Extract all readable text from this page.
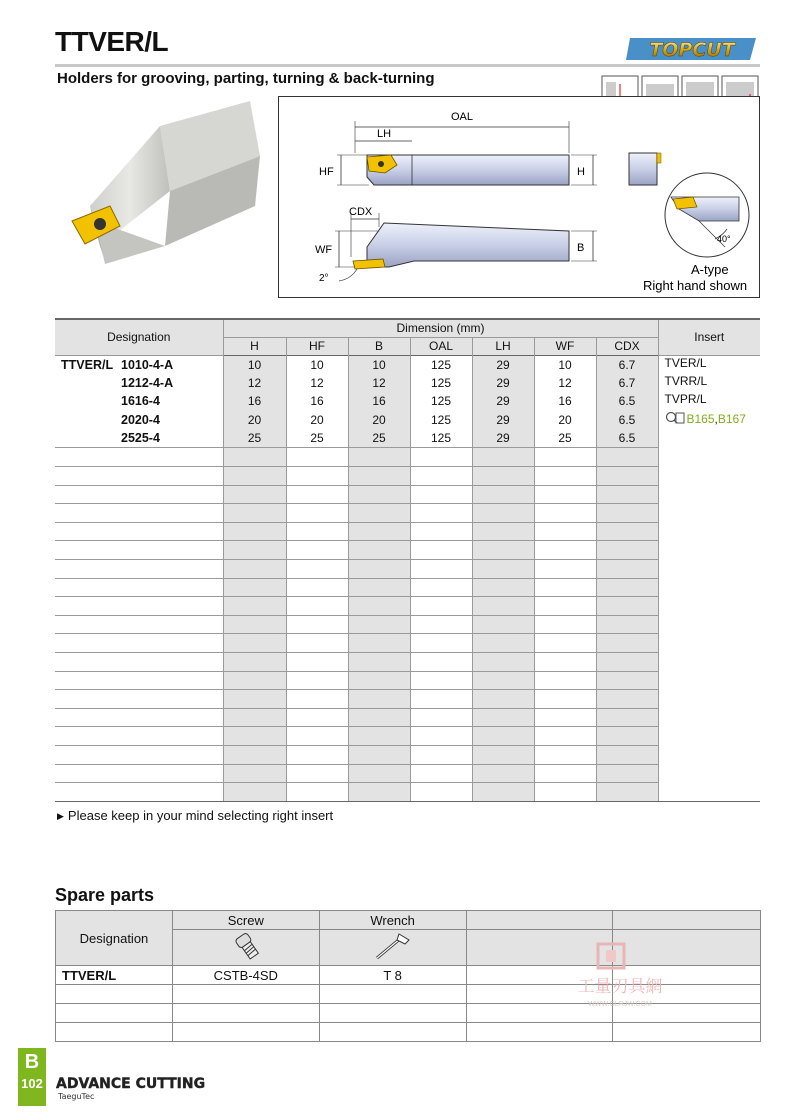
TTVER/L	TOPCUT
Holders for grooving, parting, turning & back-turning
OAL
LH
HF	H
CDX
WF	B
2°
40°
A-type
Right hand shown
Designation	Dimension (mm)							Insert
	H	HF	B	OAL	LH	WF	CDX	
TTVER/L 1010-4-A	10	10	10	125	29	10	6.7	TVER/L
1212-4-A	12	12	12	125	29	12	6.7	TVRR/L
1616-4	16	16	16	125	29	16	6.5	TVPR/L
2020-4	20	20	20	125	29	20	6.5	B165,B167
2525-4	25	25	25	125	29	25	6.5	

▶ Please keep in your mind selecting right insert
Spare parts
Designation	Screw	Wrench		

TTVER/L	CSTB-4SD	T 8		

工量刃具網
WWW.GLRJW.COM
B
102 ADVANCE CUTTING
TaeguTec
